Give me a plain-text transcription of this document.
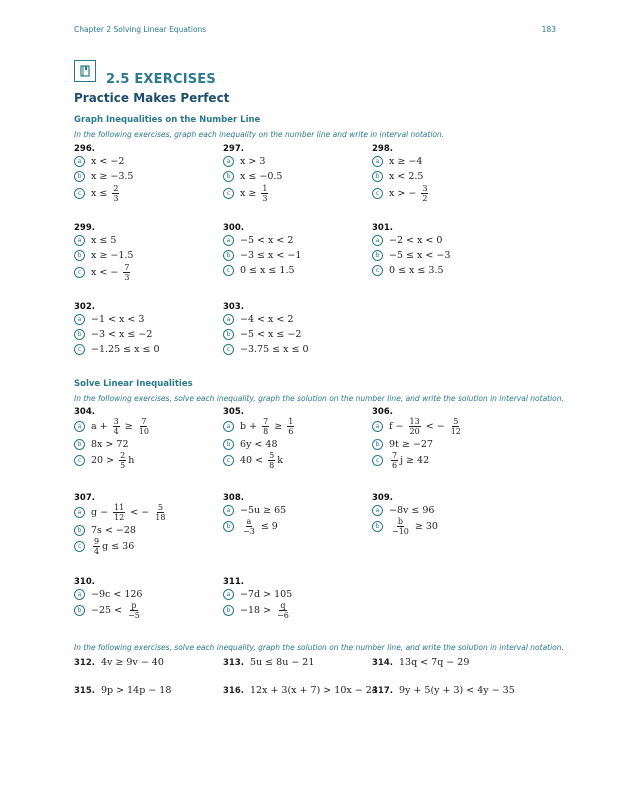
Chapter 2 Solving Linear Equations	183
2.5 EXERCISES
Practice Makes Perfect
Graph Inequalities on the Number Line
In the following exercises, graph each inequality on the number line and write in interval notation.
296.
a	x < −2
b	x ≥ −3.5
c	$x \le \frac{2}{3}$
297.
a	x > 3
b	x ≤ −0.5
c	$x \ge \frac{1}{3}$
298.
a	x ≥ −4
b	x < 2.5
c	x > − $\frac{3}{2}$
299.
a	x ≤ 5
b	x ≥ −1.5
c	x < − $\frac{7}{3}$
300.
a	−5 < x < 2
b	−3 ≤ x < −1
c	0 ≤ x ≤ 1.5
301.
a	−2 < x < 0
b	−5 ≤ x < −3
c	0 ≤ x ≤ 3.5
302.
a	−1 < x < 3
b	−3 < x ≤ −2
c	−1.25 ≤ x ≤ 0
303.
a	−4 < x < 2
b	−5 < x ≤ −2
c	−3.75 ≤ x ≤ 0
Solve Linear Inequalities
In the following exercises, solve each inequality, graph the solution on the number line, and write the solution in interval notation.
304.
a	$a + \frac{3}{4} \ge \frac{7}{10}$
b	8x > 72
c	$20 > \frac{2}{5}$ h
305.
a	$b + \frac{7}{8} \ge \frac{1}{6}$
b	6y < 48
c	$40 < \frac{5}{8}$ k
306.
a	$f - \frac{13}{20}$ < − $\frac{5}{12}$
b	9t ≥ −27
c	$\frac{7}{6}$ j ≥ 42
307.
a	$g - \frac{11}{12}$ < − $\frac{5}{18}$
b	7s < −28
c	$\frac{9}{4}$ g ≤ 36
308.
a	−5u ≥ 65
b	$\frac{a}{-3} \le 9$
309.
a	−8v ≤ 96
b	$\frac{b}{-10} \ge 30$
310.
a	−9c < 126
b	$-25 < \frac{p}{-5}$
311.
a	−7d > 105
b	$-18 > \frac{q}{-6}$
In the following exercises, solve each inequality, graph the solution on the number line, and write the solution in interval notation.
312. 4v ≥ 9v − 40	313. 5u ≤ 8u − 21	314. 13q < 7q − 29
315. 9p > 14p − 18	316. 12x + 3(x + 7) > 10x − 24
317. 9y + 5(y + 3) < 4y − 35
